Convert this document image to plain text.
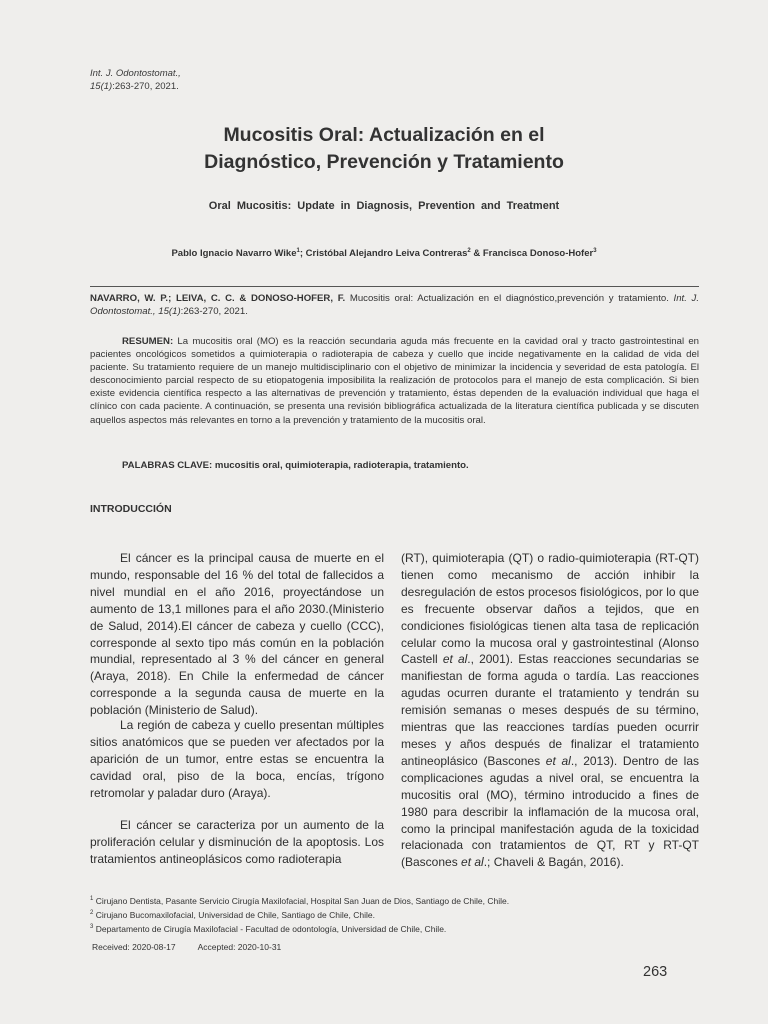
Int. J. Odontostomat.,
15(1):263-270, 2021.
Mucositis Oral: Actualización en el
Diagnóstico, Prevención y Tratamiento
Oral Mucositis: Update in Diagnosis, Prevention and Treatment
Pablo Ignacio Navarro Wike$^1$; Cristóbal Alejandro Leiva Contreras$^2$ & Francisca Donoso-Hofer$^3$
NAVARRO, W. P.; LEIVA, C. C. & DONOSO-HOFER, F. Mucositis oral: Actualización en el diagnóstico,prevención y tratamiento. Int. J. Odontostomat., 15(1):263-270, 2021.
RESUMEN: La mucositis oral (MO) es la reacción secundaria aguda más frecuente en la cavidad oral y tracto gastrointestinal en pacientes oncológicos sometidos a quimioterapia o radioterapia de cabeza y cuello que incide negativamente en la calidad de vida del paciente. Su tratamiento requiere de un manejo multidisciplinario con el objetivo de minimizar la incidencia y severidad de esta patología. El desconocimiento parcial respecto de su etiopatogenia imposibilita la realización de protocolos para el manejo de esta complicación. Si bien existe evidencia científica respecto a las alternativas de prevención y tratamiento, éstas dependen de la evaluación individual que haga el clínico con cada paciente. A continuación, se presenta una revisión bibliográfica actualizada de la literatura científica publicada y se discuten aquellos aspectos más relevantes en torno a la prevención y tratamiento de la mucositis oral.
PALABRAS CLAVE: mucositis oral, quimioterapia, radioterapia, tratamiento.
INTRODUCCIÓN
El cáncer es la principal causa de muerte en el mundo, responsable del 16 % del total de fallecidos a nivel mundial en el año 2016, proyectándose un aumento de 13,1 millones para el año 2030.(Ministerio de Salud, 2014).El cáncer de cabeza y cuello (CCC), corresponde al sexto tipo más común en la población mundial, representado al 3 % del cáncer en general (Araya, 2018). En Chile la enfermedad de cáncer corresponde a la segunda causa de muerte en la población (Ministerio de Salud).
La región de cabeza y cuello presentan múltiples sitios anatómicos que se pueden ver afectados por la aparición de un tumor, entre estas se encuentra la cavidad oral, piso de la boca, encías, trígono retromolar y paladar duro (Araya).
El cáncer se caracteriza por un aumento de la proliferación celular y disminución de la apoptosis. Los tratamientos antineoplásicos como radioterapia
(RT), quimioterapia (QT) o radio-quimioterapia (RT-QT) tienen como mecanismo de acción inhibir la desregulación de estos procesos fisiológicos, por lo que es frecuente observar daños a tejidos, que en condiciones fisiológicas tienen alta tasa de replicación celular como la mucosa oral y gastrointestinal (Alonso Castell et al., 2001). Estas reacciones secundarias se manifiestan de forma aguda o tardía. Las reacciones agudas ocurren durante el tratamiento y tendrán su remisión semanas o meses después de su término, mientras que las reacciones tardías pueden ocurrir meses y años después de finalizar el tratamiento antineoplásico (Bascones et al., 2013). Dentro de las complicaciones agudas a nivel oral, se encuentra la mucositis oral (MO), término introducido a fines de 1980 para describir la inflamación de la mucosa oral, como la principal manifestación aguda de la toxicidad relacionada con tratamientos de QT, RT y RT-QT (Bascones et al.; Chaveli & Bagán, 2016).
$^1$ Cirujano Dentista, Pasante Servicio Cirugía Maxilofacial, Hospital San Juan de Dios, Santiago de Chile, Chile.
$^2$ Cirujano Bucomaxilofacial, Universidad de Chile, Santiago de Chile, Chile.
$^3$ Departamento de Cirugía Maxilofacial - Facultad de odontología, Universidad de Chile, Chile.
Received: 2020-08-17	Accepted: 2020-10-31
263
